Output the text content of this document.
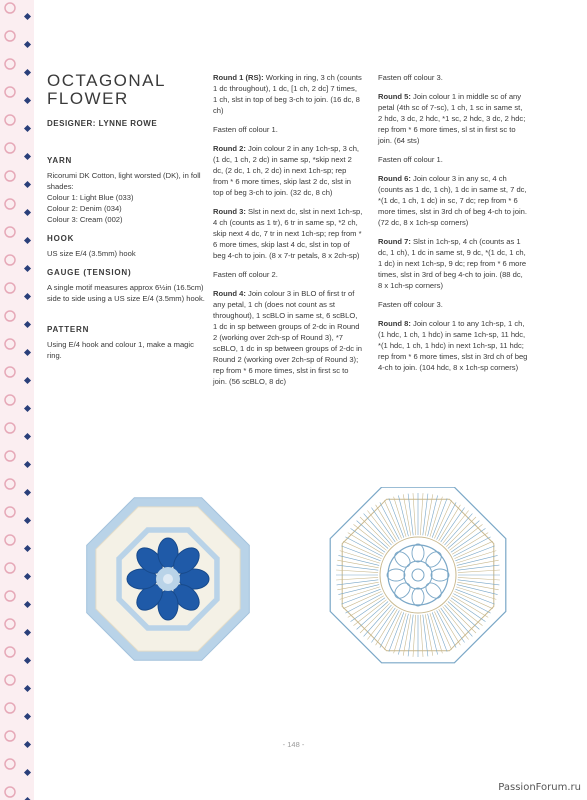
OCTAGONAL FLOWER
DESIGNER: LYNNE ROWE
YARN

Ricorumi DK Cotton, light worsted (DK), in foll shades:
Colour 1: Light Blue (033)
Colour 2: Denim (034)
Colour 3: Cream (002)

HOOK

US size E/4 (3.5mm) hook

GAUGE (TENSION)

A single motif measures approx 6½in (16.5cm) side to side using a US size E/4 (3.5mm) hook.

PATTERN

Using E/4 hook and colour 1, make a magic ring.

Round 1 (RS): Working in ring, 3 ch (counts 1 dc throughout), 1 dc, [1 ch, 2 dc] 7 times, 1 ch, slst in top of beg 3-ch to join. (16 dc, 8 ch)

Fasten off colour 1.

Round 2: Join colour 2 in any 1ch-sp, 3 ch, (1 dc, 1 ch, 2 dc) in same sp, *skip next 2 dc, (2 dc, 1 ch, 2 dc) in next 1ch-sp; rep from * 6 more times, skip last 2 dc, slst in top of beg 3-ch to join. (32 dc, 8 ch)

Round 3: Slst in next dc, slst in next 1ch-sp, 4 ch (counts as 1 tr), 6 tr in same sp, *2 ch, skip next 4 dc, 7 tr in next 1ch-sp; rep from * 6 more times, skip last 4 dc, slst in top of beg 4-ch to join. (8 x 7-tr petals, 8 x 2ch-sp)

Fasten off colour 2.

Round 4: Join colour 3 in BLO of first tr of any petal, 1 ch (does not count as st throughout), 1 scBLO in same st, 6 scBLO, 1 dc in sp between groups of 2-dc in Round 2 (working over 2ch-sp of Round 3), *7 scBLO, 1 dc in sp between groups of 2-dc in Round 2 (working over 2ch-sp of Round 3); rep from * 6 more times, slst in first sc to join. (56 scBLO, 8 dc)

Fasten off colour 3.

Round 5: Join colour 1 in middle sc of any petal (4th sc of 7-sc), 1 ch, 1 sc in same st, 2 hdc, 3 dc, 2 hdc, *1 sc, 2 hdc, 3 dc, 2 hdc; rep from * 6 more times, sl st in first sc to join. (64 sts)

Fasten off colour 1.

Round 6: Join colour 3 in any sc, 4 ch (counts as 1 dc, 1 ch), 1 dc in same st, 7 dc, *(1 dc, 1 ch, 1 dc) in sc, 7 dc; rep from * 6 more times, slst in 3rd ch of beg 4-ch to join. (72 dc, 8 x 1ch-sp corners)

Round 7: Slst in 1ch-sp, 4 ch (counts as 1 dc, 1 ch), 1 dc in same st, 9 dc, *(1 dc, 1 ch, 1 dc) in next 1ch-sp, 9 dc; rep from * 6 more times, slst in 3rd of beg 4-ch to join. (88 dc, 8 x 1ch-sp corners)

Fasten off colour 3.

Round 8: Join colour 1 to any 1ch-sp, 1 ch, (1 hdc, 1 ch, 1 hdc) in same 1ch-sp, 11 hdc, *(1 hdc, 1 ch, 1 hdc) in next 1ch-sp, 11 hdc; rep from * 6 more times, slst in 3rd ch of beg 4-ch to join. (104 hdc, 8 x 1ch-sp corners)

- 148 -
PassionForum.ru
